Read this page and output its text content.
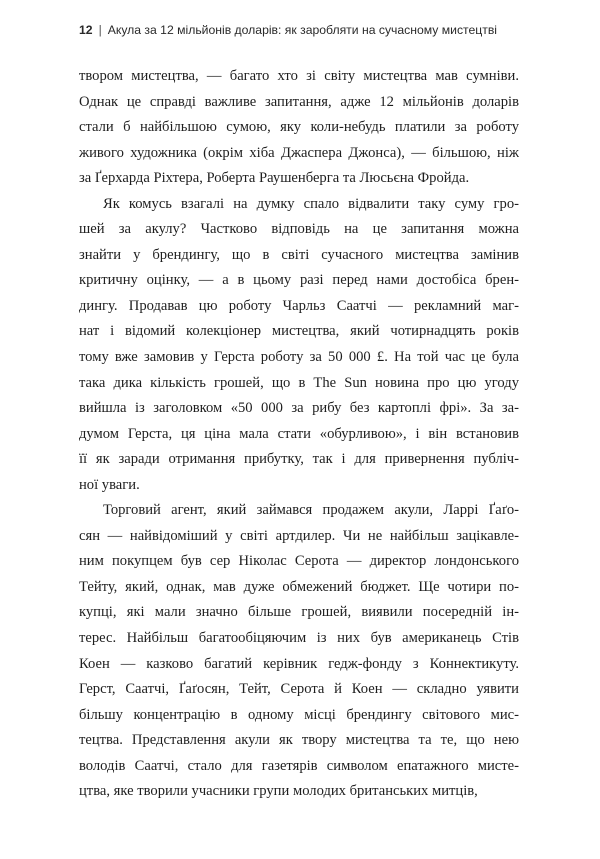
12 | Акула за 12 мільйонів доларів: як заробляти на сучасному мистецтві
твором мистецтва, — багато хто зі світу мистецтва мав сумніви.
Однак це справді важливе запитання, адже 12 мільйонів доларів
стали б найбільшою сумою, яку коли-небудь платили за роботу
живого художника (окрім хіба Джаспера Джонса), — більшою, ніж
за Ґерхарда Ріхтера, Роберта Раушенберга та Люсьєна Фройда.
Як комусь взагалі на думку спало відвалити таку суму гро-
шей за акулу? Частково відповідь на це запитання можна
знайти у брендингу, що в світі сучасного мистецтва замінив
критичну оцінку, — а в цьому разі перед нами достобіса брен-
дингу. Продавав цю роботу Чарльз Саатчі — рекламний маг-
нат і відомий колекціонер мистецтва, який чотирнадцять років
тому вже замовив у Герста роботу за 50 000 £. На той час це була
така дика кількість грошей, що в The Sun новина про цю угоду
вийшла із заголовком «50 000 за рибу без картоплі фрі». За за-
думом Герста, ця ціна мала стати «обурливою», і він встановив
її як заради отримання прибутку, так і для привернення публіч-
ної уваги.
Торговий агент, який займався продажем акули, Ларрі Ґаґо-
сян — найвідоміший у світі артдилер. Чи не найбільш зацікавле-
ним покупцем був сер Ніколас Серота — директор лондонського
Тейту, який, однак, мав дуже обмежений бюджет. Ще чотири по-
купці, які мали значно більше грошей, виявили посередній ін-
терес. Найбільш багатообіцяючим із них був американець Стів
Коен — казково багатий керівник гедж-фонду з Коннектикуту.
Герст, Саатчі, Ґаґосян, Тейт, Серота й Коен — складно уявити
більшу концентрацію в одному місці брендингу світового мис-
тецтва. Представлення акули як твору мистецтва та те, що нею
володів Саатчі, стало для газетярів символом епатажного мисте-
цтва, яке творили учасники групи молодих британських митців,
